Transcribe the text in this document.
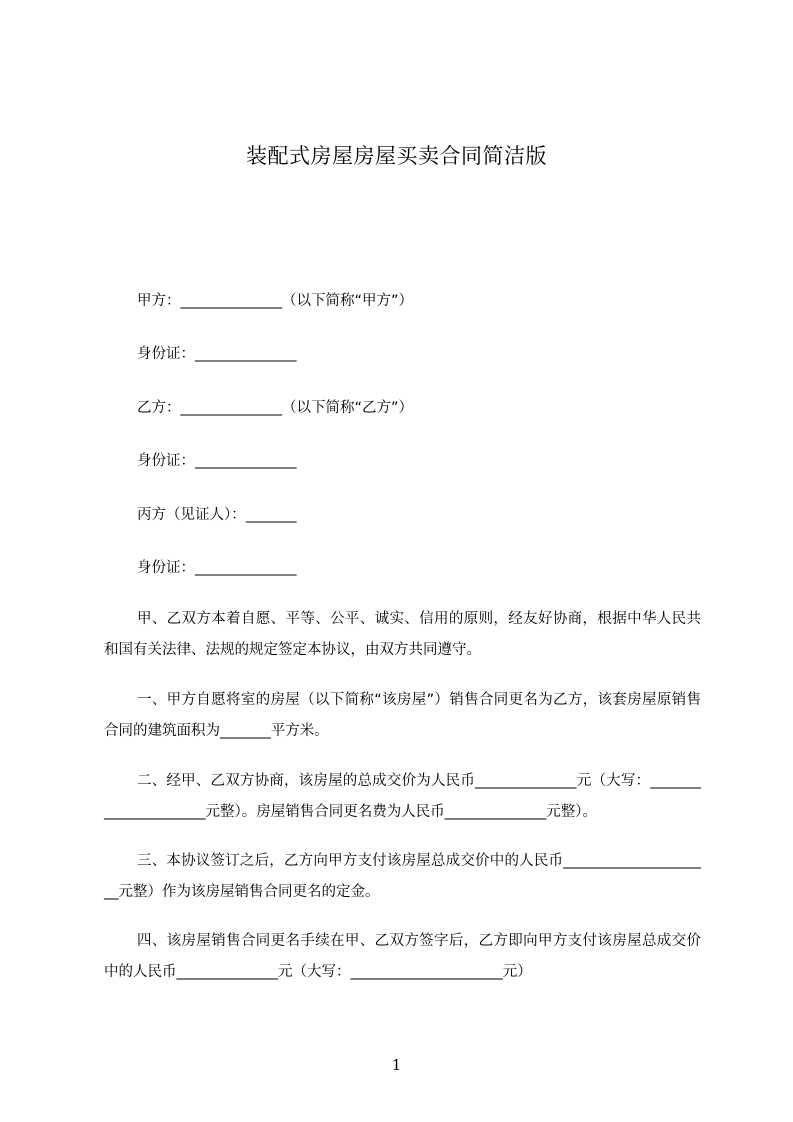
装配式房屋房屋买卖合同简洁版
甲方：______________（以下简称“甲方”）
身份证：______________
乙方：______________（以下简称“乙方”）
身份证：______________
丙方（见证人）：_______
身份证：______________
甲、乙双方本着自愿、平等、公平、诚实、信用的原则，经友好协商，根据中华人民共和国有关法律、法规的规定签定本协议，由双方共同遵守。
一、甲方自愿将室的房屋（以下简称“该房屋”）销售合同更名为乙方，该套房屋原销售合同的建筑面积为_______平方米。
二、经甲、乙双方协商，该房屋的总成交价为人民币______________元（大写：_____________________元整）。房屋销售合同更名费为人民币______________元整）。
三、本协议签订之后，乙方向甲方支付该房屋总成交价中的人民币_____________________元整）作为该房屋销售合同更名的定金。
四、该房屋销售合同更名手续在甲、乙双方签字后，乙方即向甲方支付该房屋总成交价中的人民币______________元（大写：_____________________元）
1
